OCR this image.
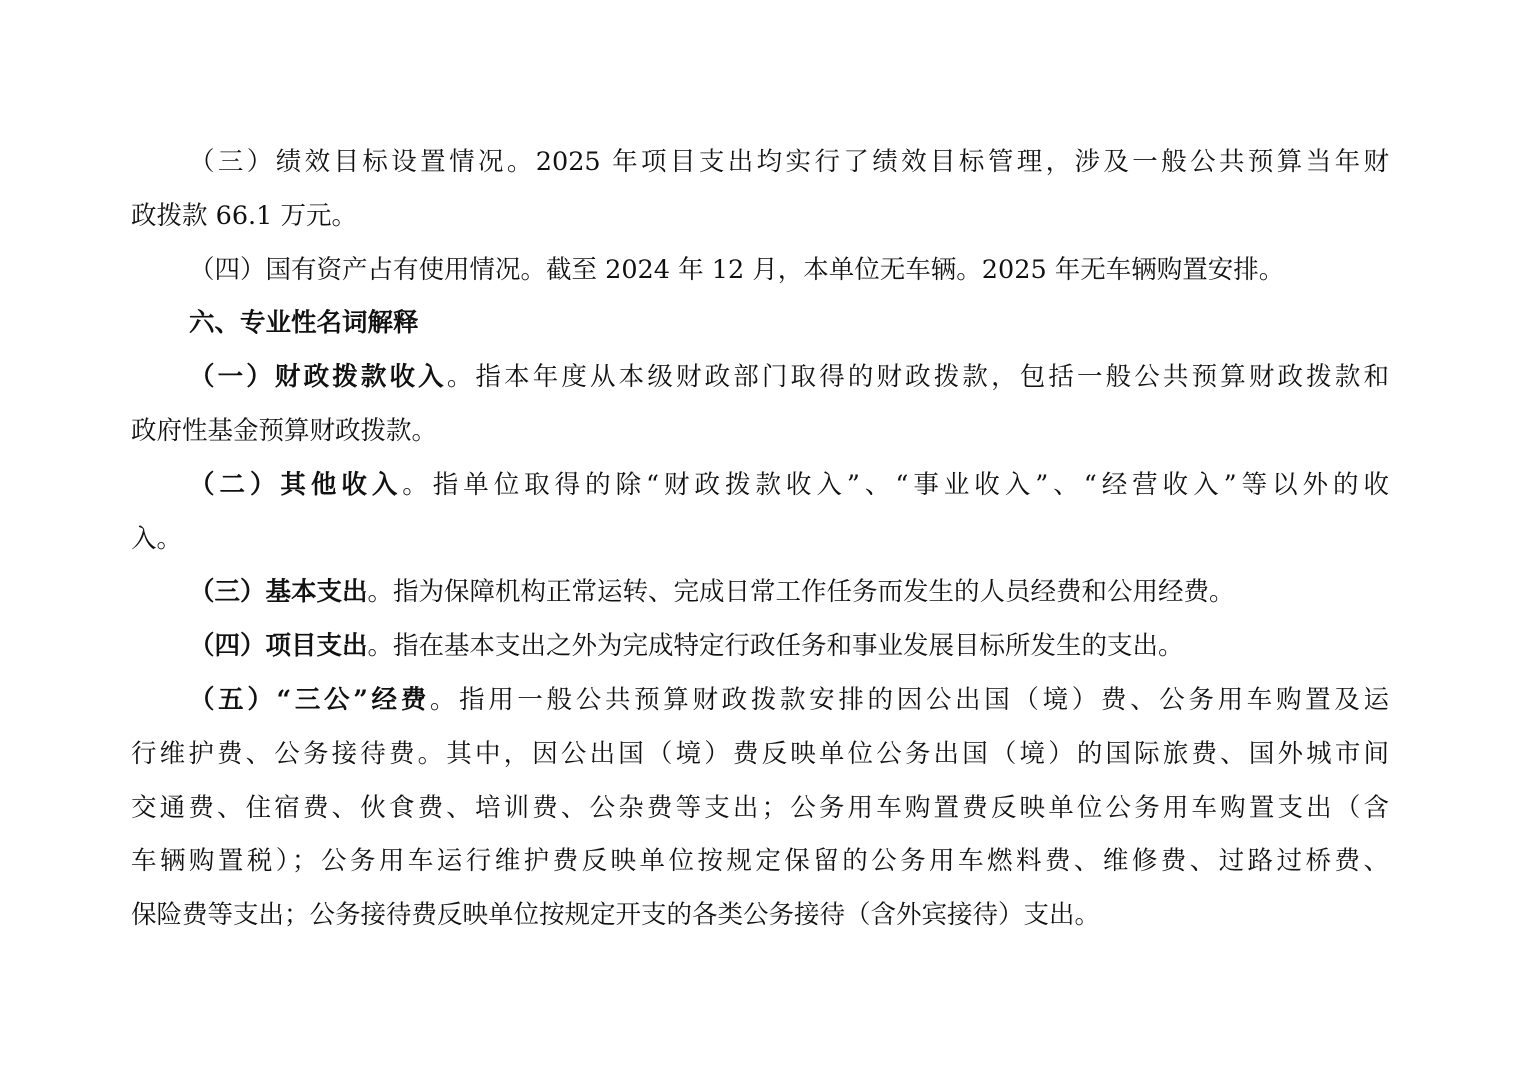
（三）绩效目标设置情况。2025 年项目支出均实行了绩效目标管理，涉及一般公共预算当年财
政拨款 66.1 万元。
（四）国有资产占有使用情况。截至 2024 年 12 月，本单位无车辆。2025 年无车辆购置安排。
六、专业性名词解释
（一）财政拨款收入。指本年度从本级财政部门取得的财政拨款，包括一般公共预算财政拨款和
政府性基金预算财政拨款。
（二）其他收入。指单位取得的除“财政拨款收入”、“事业收入”、“经营收入”等以外的收
入。
（三）基本支出。指为保障机构正常运转、完成日常工作任务而发生的人员经费和公用经费。
（四）项目支出。指在基本支出之外为完成特定行政任务和事业发展目标所发生的支出。
（五）“三公”经费。指用一般公共预算财政拨款安排的因公出国（境）费、公务用车购置及运
行维护费、公务接待费。其中，因公出国（境）费反映单位公务出国（境）的国际旅费、国外城市间
交通费、住宿费、伙食费、培训费、公杂费等支出；公务用车购置费反映单位公务用车购置支出（含
车辆购置税）；公务用车运行维护费反映单位按规定保留的公务用车燃料费、维修费、过路过桥费、
保险费等支出；公务接待费反映单位按规定开支的各类公务接待（含外宾接待）支出。
